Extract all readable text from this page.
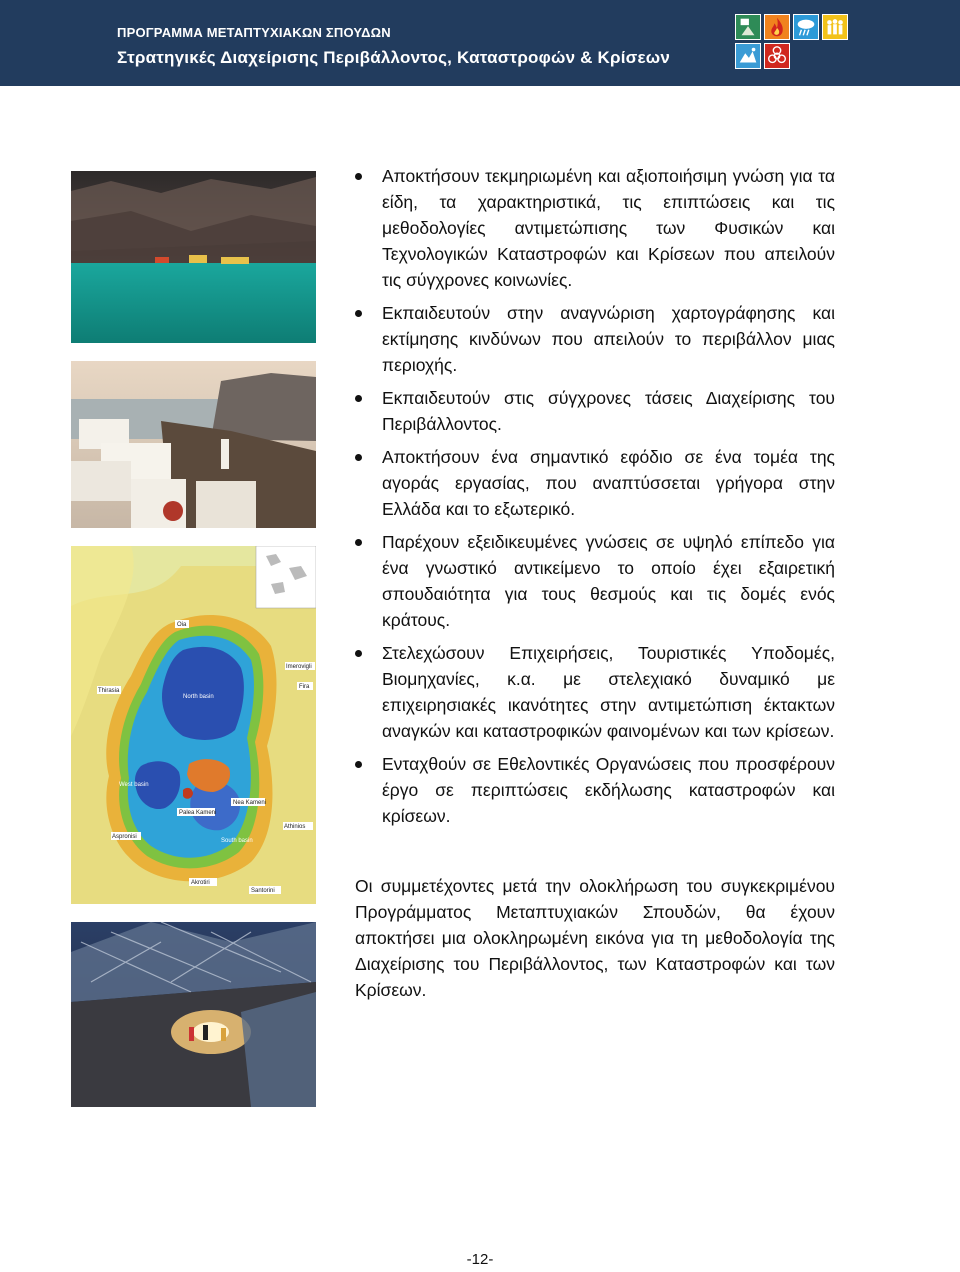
ΠΡΟΓΡΑΜΜΑ ΜΕΤΑΠΤΥΧΙΑΚΩΝ ΣΠΟΥΔΩΝ
Στρατηγικές Διαχείρισης Περιβάλλοντος, Καταστροφών & Κρίσεων
Oia
Thirasia
North basin
Imerovigli
Fira
West basin
Nea Kameni
Palea Kameni
Athinios
Aspronisi
South basin
Akrotiri
Santorini
Αποκτήσουν τεκμηριωμένη και αξιοποιήσιμη γνώση για τα είδη, τα χαρακτηριστικά, τις επιπτώσεις και τις μεθοδολογίες αντιμετώπισης των Φυσικών και Τεχνολογικών Καταστροφών και Κρίσεων που απειλούν τις σύγχρονες κοινωνίες.
Εκπαιδευτούν στην αναγνώριση χαρτογράφησης και εκτίμησης κινδύνων που απειλούν το περιβάλλον μιας περιοχής.
Εκπαιδευτούν στις σύγχρονες τάσεις Διαχείρισης του Περιβάλλοντος.
Αποκτήσουν ένα σημαντικό εφόδιο σε ένα τομέα της αγοράς εργασίας, που αναπτύσσεται γρήγορα στην Ελλάδα και το εξωτερικό.
Παρέχουν εξειδικευμένες γνώσεις σε υψηλό επίπεδο για ένα γνωστικό αντικείμενο το οποίο έχει εξαιρετική σπουδαιότητα για τους θεσμούς και τις δομές ενός κράτους.
Στελεχώσουν Επιχειρήσεις, Τουριστικές Υποδομές, Βιομηχανίες, κ.α. με στελεχιακό δυναμικό με επιχειρησιακές ικανότητες στην αντιμετώπιση έκτακτων αναγκών και καταστροφικών φαινομένων και των κρίσεων.
Ενταχθούν σε Εθελοντικές Οργανώσεις που προσφέρουν έργο σε περιπτώσεις εκδήλωσης καταστροφών και κρίσεων.

Οι συμμετέχοντες μετά την ολοκλήρωση του συγκεκριμένου Προγράμματος Μεταπτυχιακών Σπουδών, θα έχουν αποκτήσει μια ολοκληρωμένη εικόνα για τη μεθοδολογία της Διαχείρισης του Περιβάλλοντος, των Καταστροφών και των Κρίσεων.

-12-
